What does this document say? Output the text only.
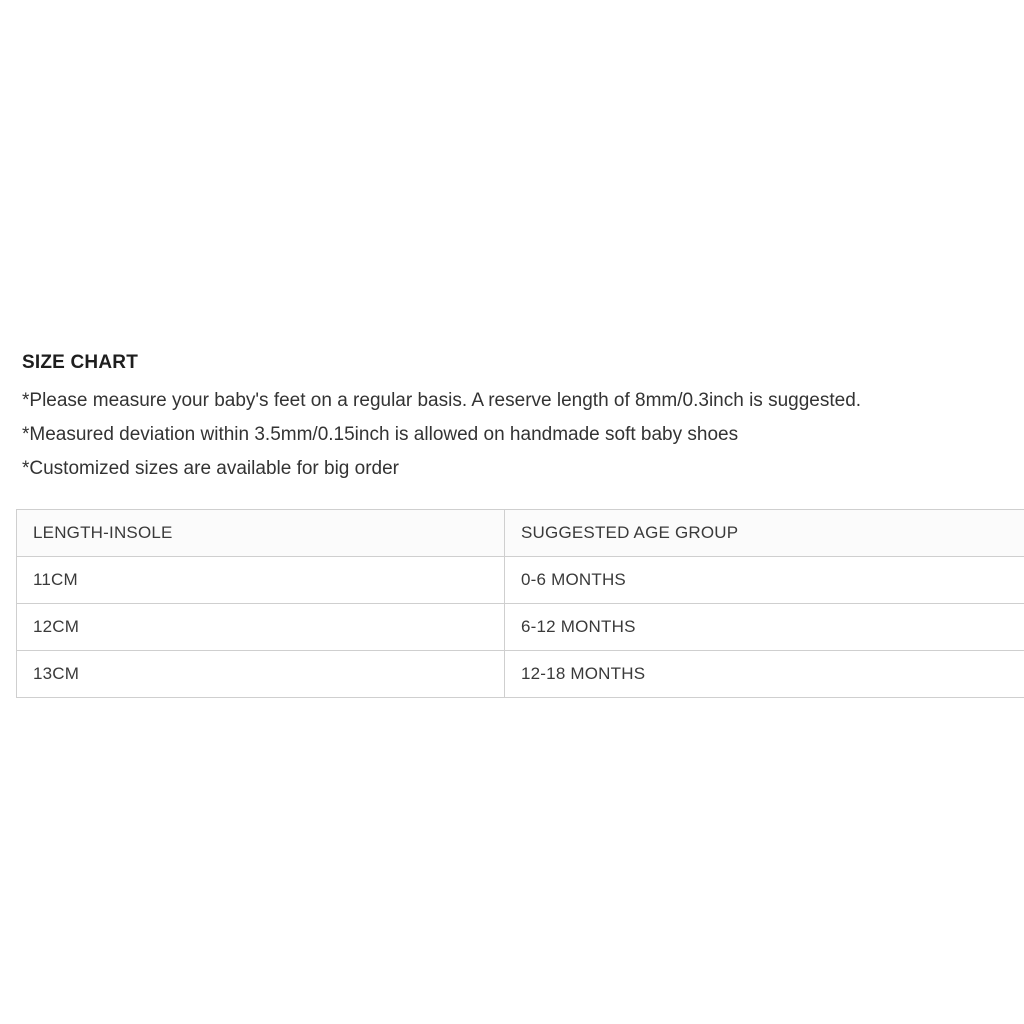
SIZE CHART
*Please measure your baby's feet on a regular basis. A reserve length of 8mm/0.3inch is suggested.
*Measured deviation within 3.5mm/0.15inch is allowed on handmade soft baby shoes
*Customized sizes are available for big order
LENGTH-INSOLE	SUGGESTED AGE GROUP
11CM	0-6 MONTHS
12CM	6-12 MONTHS
13CM	12-18 MONTHS
